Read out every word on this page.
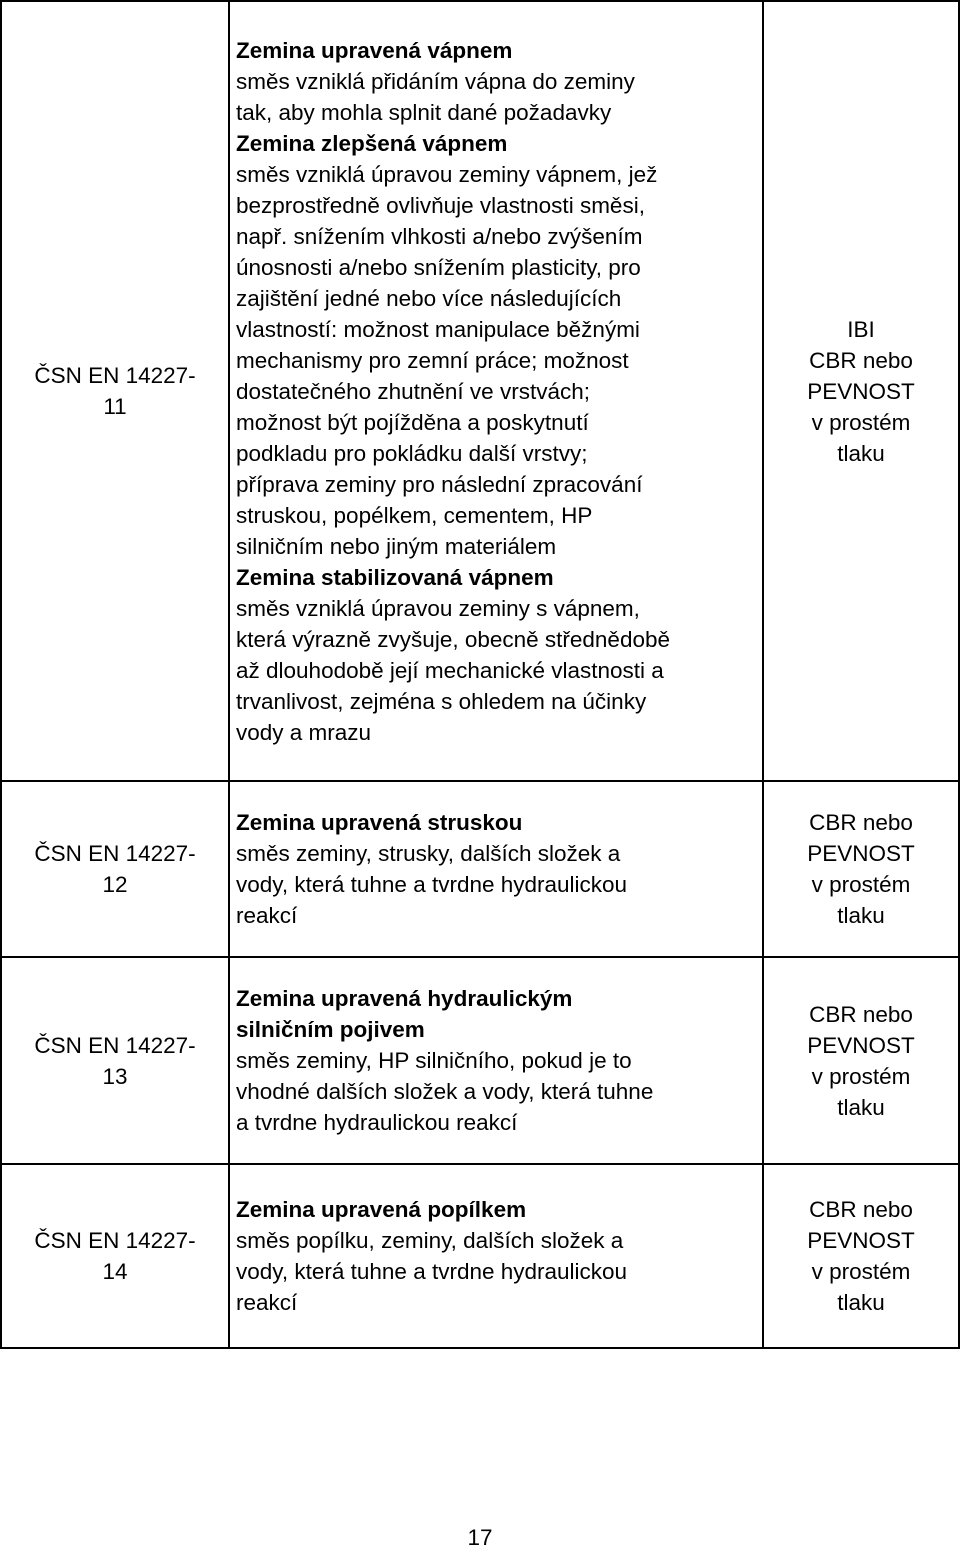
ČSN EN 14227-
11
Zemina upravená vápnem
směs vzniklá přidáním vápna do zeminy
tak, aby mohla splnit dané požadavky
Zemina zlepšená vápnem
směs vzniklá úpravou zeminy vápnem, jež
bezprostředně ovlivňuje vlastnosti směsi,
např. snížením vlhkosti a/nebo zvýšením
únosnosti a/nebo snížením plasticity, pro
zajištění jedné nebo více následujících
vlastností: možnost manipulace běžnými
mechanismy pro zemní práce; možnost
dostatečného zhutnění ve vrstvách;
možnost být pojížděna a poskytnutí
podkladu pro pokládku další vrstvy;
příprava zeminy pro následní zpracování
struskou, popélkem, cementem, HP
silničním nebo jiným materiálem
Zemina stabilizovaná vápnem
směs vzniklá úpravou zeminy s vápnem,
která výrazně zvyšuje, obecně střednědobě
až dlouhodobě její mechanické vlastnosti a
trvanlivost, zejména s ohledem na účinky
vody a mrazu
IBI
CBR nebo
PEVNOST
v prostém
tlaku
ČSN EN 14227-
12
Zemina upravená struskou
směs zeminy, strusky, dalších složek a
vody, která tuhne a tvrdne hydraulickou
reakcí
CBR nebo
PEVNOST
v prostém
tlaku
ČSN EN 14227-
13
Zemina upravená hydraulickým
silničním pojivem
směs zeminy, HP silničního, pokud je to
vhodné dalších složek a vody, která tuhne
a tvrdne hydraulickou reakcí
CBR nebo
PEVNOST
v prostém
tlaku
ČSN EN 14227-
14
Zemina upravená popílkem
směs popílku, zeminy, dalších složek a
vody, která tuhne a tvrdne hydraulickou
reakcí
CBR nebo
PEVNOST
v prostém
tlaku
17
